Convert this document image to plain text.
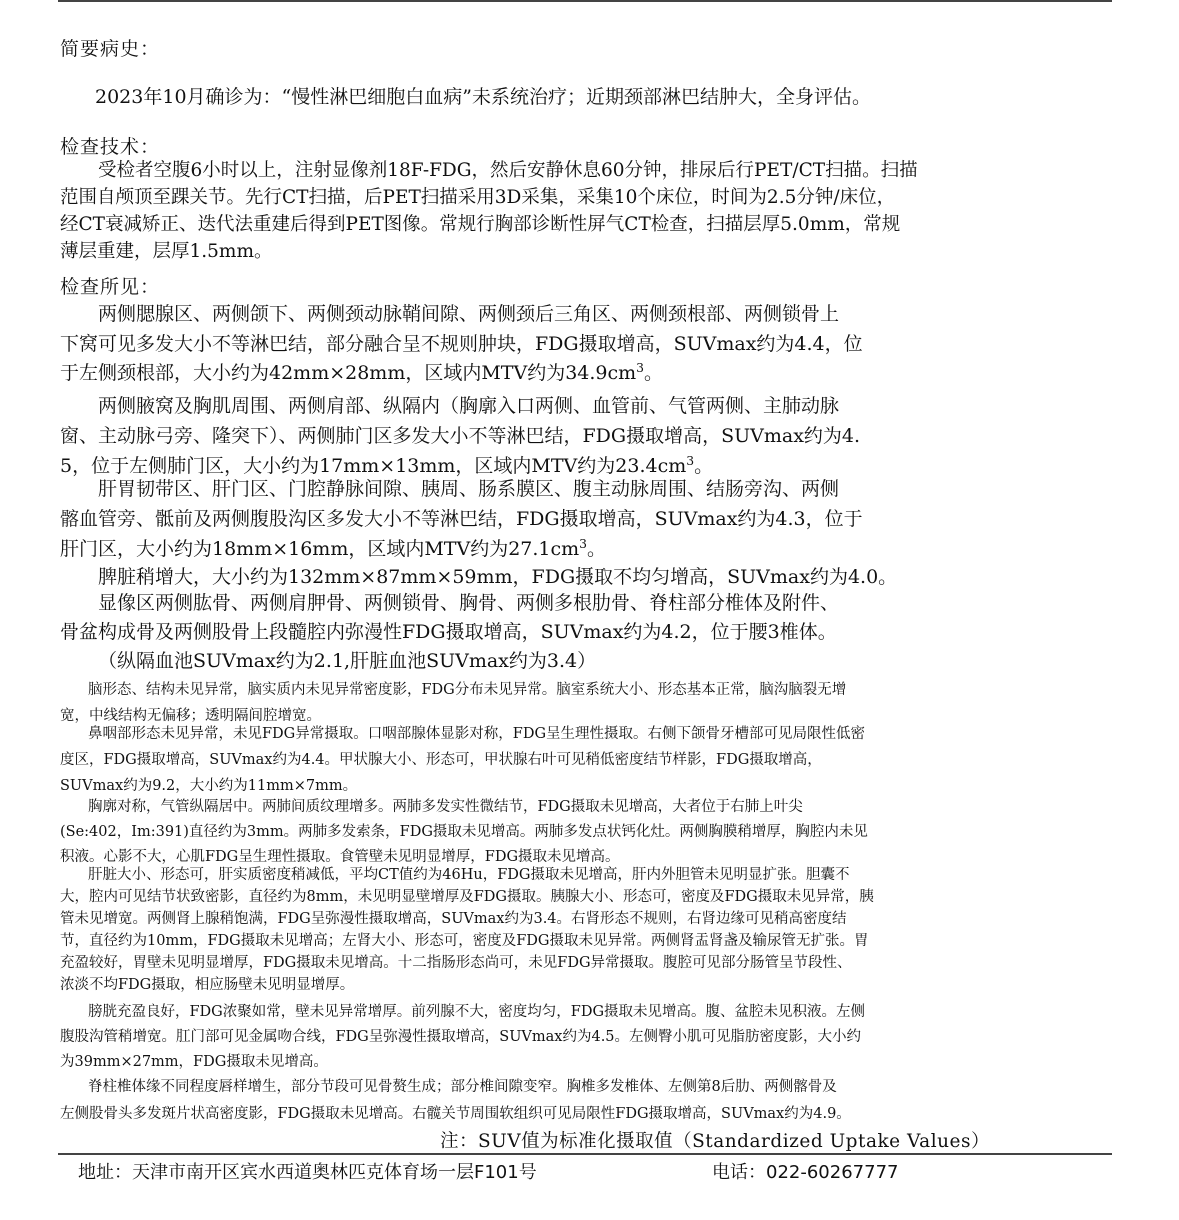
简要病史：
2023年10月确诊为：“慢性淋巴细胞白血病”未系统治疗；近期颈部淋巴结肿大，全身评估。
检查技术：
受检者空腹6小时以上，注射显像剂18F-FDG，然后安静休息60分钟，排尿后行PET/CT扫描。扫描
范围自颅顶至踝关节。先行CT扫描，后PET扫描采用3D采集，采集10个床位，时间为2.5分钟/床位，
经CT衰减矫正、迭代法重建后得到PET图像。常规行胸部诊断性屏气CT检查，扫描层厚5.0mm，常规
薄层重建，层厚1.5mm。
检查所见：
两侧腮腺区、两侧颌下、两侧颈动脉鞘间隙、两侧颈后三角区、两侧颈根部、两侧锁骨上
下窝可见多发大小不等淋巴结，部分融合呈不规则肿块，FDG摄取增高，SUVmax约为4.4，位
于左侧颈根部，大小约为42mm×28mm，区域内MTV约为$34.9cm^3$。
两侧腋窝及胸肌周围、两侧肩部、纵隔内（胸廓入口两侧、血管前、气管两侧、主肺动脉
窗、主动脉弓旁、隆突下）、两侧肺门区多发大小不等淋巴结，FDG摄取增高，SUVmax约为4.
5，位于左侧肺门区，大小约为17mm×13mm，区域内MTV约为$23.4cm^3$。
肝胃韧带区、肝门区、门腔静脉间隙、胰周、肠系膜区、腹主动脉周围、结肠旁沟、两侧
髂血管旁、骶前及两侧腹股沟区多发大小不等淋巴结，FDG摄取增高，SUVmax约为4.3，位于
肝门区，大小约为18mm×16mm，区域内MTV约为$27.1cm^3$。
脾脏稍增大，大小约为132mm×87mm×59mm，FDG摄取不均匀增高，SUVmax约为4.0。
显像区两侧肱骨、两侧肩胛骨、两侧锁骨、胸骨、两侧多根肋骨、脊柱部分椎体及附件、
骨盆构成骨及两侧股骨上段髓腔内弥漫性FDG摄取增高，SUVmax约为4.2，位于腰3椎体。
（纵隔血池SUVmax约为2.1,肝脏血池SUVmax约为3.4）
脑形态、结构未见异常，脑实质内未见异常密度影，FDG分布未见异常。脑室系统大小、形态基本正常，脑沟脑裂无增
宽，中线结构无偏移；透明隔间腔增宽。
鼻咽部形态未见异常，未见FDG异常摄取。口咽部腺体显影对称，FDG呈生理性摄取。右侧下颌骨牙槽部可见局限性低密
度区，FDG摄取增高，SUVmax约为4.4。甲状腺大小、形态可，甲状腺右叶可见稍低密度结节样影，FDG摄取增高，
SUVmax约为9.2，大小约为11mm×7mm。
胸廓对称，气管纵隔居中。两肺间质纹理增多。两肺多发实性微结节，FDG摄取未见增高，大者位于右肺上叶尖
(Se:402，Im:391)直径约为3mm。两肺多发索条，FDG摄取未见增高。两肺多发点状钙化灶。两侧胸膜稍增厚，胸腔内未见
积液。心影不大，心肌FDG呈生理性摄取。食管壁未见明显增厚，FDG摄取未见增高。
肝脏大小、形态可，肝实质密度稍减低，平均CT值约为46Hu，FDG摄取未见增高，肝内外胆管未见明显扩张。胆囊不
大，腔内可见结节状致密影，直径约为8mm，未见明显壁增厚及FDG摄取。胰腺大小、形态可，密度及FDG摄取未见异常，胰
管未见增宽。两侧肾上腺稍饱满，FDG呈弥漫性摄取增高，SUVmax约为3.4。右肾形态不规则，右肾边缘可见稍高密度结
节，直径约为10mm，FDG摄取未见增高；左肾大小、形态可，密度及FDG摄取未见异常。两侧肾盂肾盏及输尿管无扩张。胃
充盈较好，胃壁未见明显增厚，FDG摄取未见增高。十二指肠形态尚可，未见FDG异常摄取。腹腔可见部分肠管呈节段性、
浓淡不均FDG摄取，相应肠壁未见明显增厚。
膀胱充盈良好，FDG浓聚如常，壁未见异常增厚。前列腺不大，密度均匀，FDG摄取未见增高。腹、盆腔未见积液。左侧
腹股沟管稍增宽。肛门部可见金属吻合线，FDG呈弥漫性摄取增高，SUVmax约为4.5。左侧臀小肌可见脂肪密度影，大小约
为39mm×27mm，FDG摄取未见增高。
脊柱椎体缘不同程度唇样增生，部分节段可见骨赘生成；部分椎间隙变窄。胸椎多发椎体、左侧第8后肋、两侧髂骨及
左侧股骨头多发斑片状高密度影，FDG摄取未见增高。右髋关节周围软组织可见局限性FDG摄取增高，SUVmax约为4.9。
注：SUV值为标准化摄取值（Standardized Uptake Values）
地址：天津市南开区宾水西道奥林匹克体育场一层F101号	电话：022-60267777
